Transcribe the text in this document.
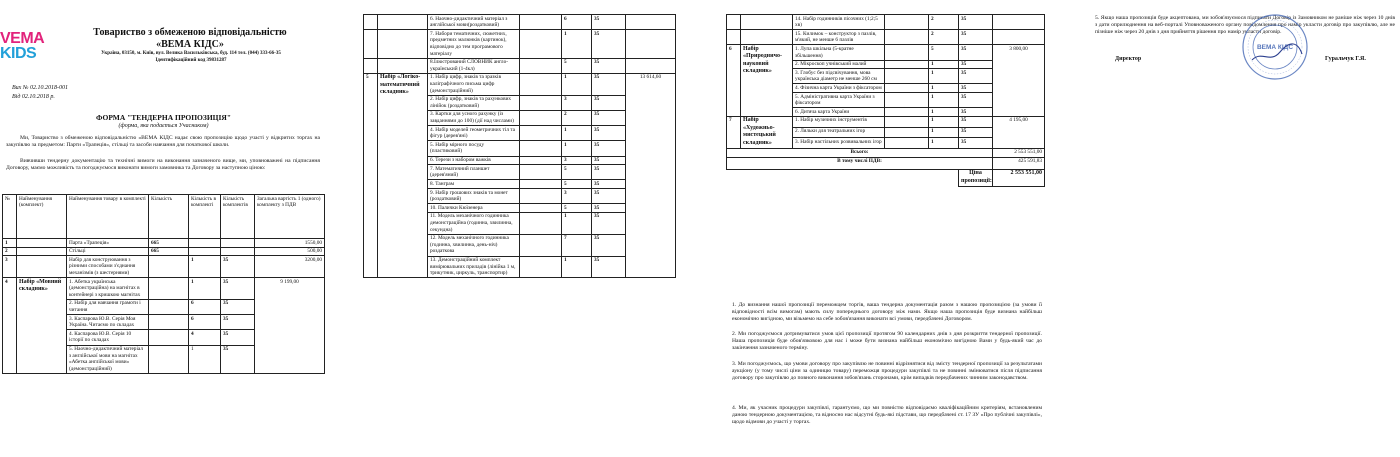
VEMA
KIDS
Товариство з обмеженою відповідальністю
«ВЕМА КІДС»
Україна, 03150, м. Київ, вул. Велика Васильківська, буд. 114 тел. (044) 333-66-35
Ідентифікаційний код 39831287
Вих № 02.10.2018-001
Від 02.10.2018 р.
ФОРМА "ТЕНДЕРНА ПРОПОЗИЦІЯ"
(форма, яка подається Учасником)
Ми, Товариство з обмеженою відповідальністю «ВЕМА КІДС надає свою пропозицію щодо участі у відкритих торгах на закупівлю за предметом: Парти «Трапеція», стільці та засоби навчання для початкової школи.
Вивчивши тендерну документацію та технічні вимоги на виконання зазначеного вище, ми, уповноважені на підписання Договору, маємо можливість та погоджуємося виконати вимоги замовника та Договору за наступною ціною:
№	Найменування (комплект)	Найменування товару в комплекті	Кількість	Кількість в комплекті	Кількість комплектів	Загальна вартість 1 (одного) комплекту з ПДВ
1		Парта «Трапеція»	665			1550,00
2		Стільці	665			500,00
3		Набір для конструювання з різними способами з'єднання механізмів (з шестернями)		1	35	3200,00
4	Набір «Мовний складник»	1. Абетка українська (демонстраційна) на магнітах в контейнері з кришкою магнітах		1	35	9 199,00
		2. Набір для навчання грамоти і читання		6	35	
		3. Каспарова Ю.В. Серія Моя Україна. Читаємо по складах		6	35	
		4. Каспарова Ю.В. Серія 10 історії по складах		4	35	
		5. Наочно-дидактичний матеріал з англійської мови на магнітах «Абетка англійської мови» (демонстраційний)		1	35	
		6. Наочно-дидактичний матеріал з англійської мови(роздатковий)		6	35	
		7. Набори тематичних, сюжетних, предметних малюнків (картинок), відповідно до тем програмового матеріалу		1	35	
		8.Ілюстрований СЛОВНИК англо-український (1-4кл)		5	35	
5	Набір «Логіко-математичний складник»	1. Набір цифр, знаків та зразків каліграфічного письма цифр (демонстраційний)		1	35	13 614,60
		2. Набір цифр, знаків та рахункових лінійок (роздатковий)		3	35	
		3. Картки для усного рахунку (із завданнями до 100) (дії над числами)		2	35	
		4. Набір моделей геометричних тіл та фігур (дерев'яні)		1	35	
		5. Набір мірного посуду (пластиковий)		1	35	
		6. Терези з набором важків		3	35	
		7. Математичний планшет (дерев'яний)		5	35	
		8. Танграм		5	35	
		9. Набір грошових знаків та монет (роздатковий)		3	35	
		10. Палички Кюїзенера		5	35	
		11. Модель механічного годинника демонстраційна (годинна, хвилинна, секундна)		1	35	
		12. Модель механічного годинника (годинна, хвилинна, день-ніч) роздаткова		7	35	
		13. Демонстраційний комплект вимірювальних приладів (лінійка 1 м, трикутник, циркуль, транспортир)		1	35	
		14. Набір годинників пісочних (1;2;5 хв)		2	35	
		15. Килимок – конструктор з пазлів, м'який, не менше 6 пазлів		2	35	
6	Набір «Природничо-науковий складник»	1. Лупа шкільна (5-кратне збільшення)		5	35	3 800,00
		2. Мікроскоп учнівський малий		1	35	
		3. Глобус без підсвічування, мова українська діаметр не менше 260 см		1	35	
		4. Фізична карта України з фіксатором		1	35	
		5. Адміністративна карта України з фіксатором		1	35	
		6. Дитяча карта України		1	35	
7	Набір «Художньо-мистецький складник»	1. Набір музичних інструментів		1	35	4 195,00
		2. Ляльки для театральних ігор		1	35	
		3. Набір настільних розвивальних ігор		1	35	
Всього:						2 553 551,00
В тому числі ПДВ:						425 591,83
					Ціна пропозиції:	2 553 551,00
1. До визнання нашої пропозиції переможцем торгів, ваша тендерна документація разом з нашою пропозицією (за умови її відповідності всім вимогам) мають силу попереднього договору між нами. Якщо наша пропозиція буде визнана найбільш економічно вигідною, ми візьмемо на себе зобов'язання виконати всі умови, передбачені Договором.
2. Ми погоджуємося дотримуватися умов цієї пропозиції протягом 90 календарних днів з дня розкриття тендерної пропозиції. Наша пропозиція буде обов'язковою для нас і може бути визнана найбільш економічно вигідною Вами у будь-який час до закінчення зазначеного терміну.
3. Ми погоджуємось, що умови договору про закупівлю не повинні відрізнятися від змісту тендерної пропозиції за результатами аукціону (у тому числі ціни за одиницю товару) переможця процедури закупівлі та не повинні змінюватися після підписання договору про закупівлю до повного виконання зобов'язань сторонами, крім випадків передбачених чинним законодавством.
4. Ми, як учасник процедури закупівлі, гарантуємо, що ми повністю відповідаємо кваліфікаційним критеріям, встановленим даною тендерною документацією, та відносно нас відсутні будь-які підстави, що передбачені ст. 17 ЗУ «Про публічні закупівлі», щодо відмови до участі у торгах.
5. Якщо наша пропозиція буде акцептована, ми зобов'язуємося підписати Договір із Замовником не раніше ніж через 10 днів з дати оприлюднення на веб-порталі Уповноваженого органу повідомлення про намір укласти договір про закупівлю, але не пізніше ніж через 20 днів з дня прийняття рішення про намір укласти договір.
Директор	Гуральчук Г.Я.
ВЕМА КІДС
